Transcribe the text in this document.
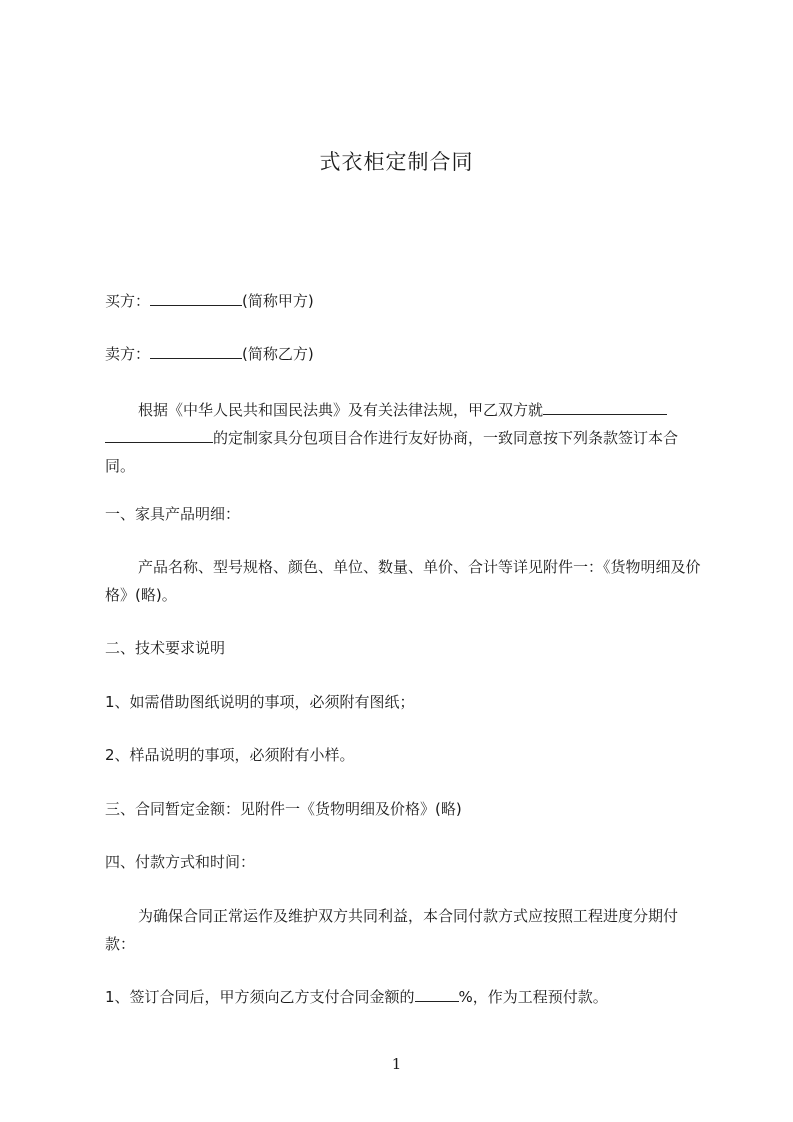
式衣柜定制合同
买方：	(简称甲方)
卖方：	(简称乙方)
根据《中华人民共和国民法典》及有关法律法规，甲乙双方就
的定制家具分包项目合作进行友好协商，一致同意按下列条款签订本合同。
一、家具产品明细：
产品名称、型号规格、颜色、单位、数量、单价、合计等详见附件一：《货物明细及价格》(略)。
二、技术要求说明
1、如需借助图纸说明的事项，必须附有图纸；
2、样品说明的事项，必须附有小样。
三、合同暂定金额：见附件一《货物明细及价格》(略)
四、付款方式和时间：
为确保合同正常运作及维护双方共同利益，本合同付款方式应按照工程进度分期付款：
1、签订合同后，甲方须向乙方支付合同金额的	%，作为工程预付款。
1
